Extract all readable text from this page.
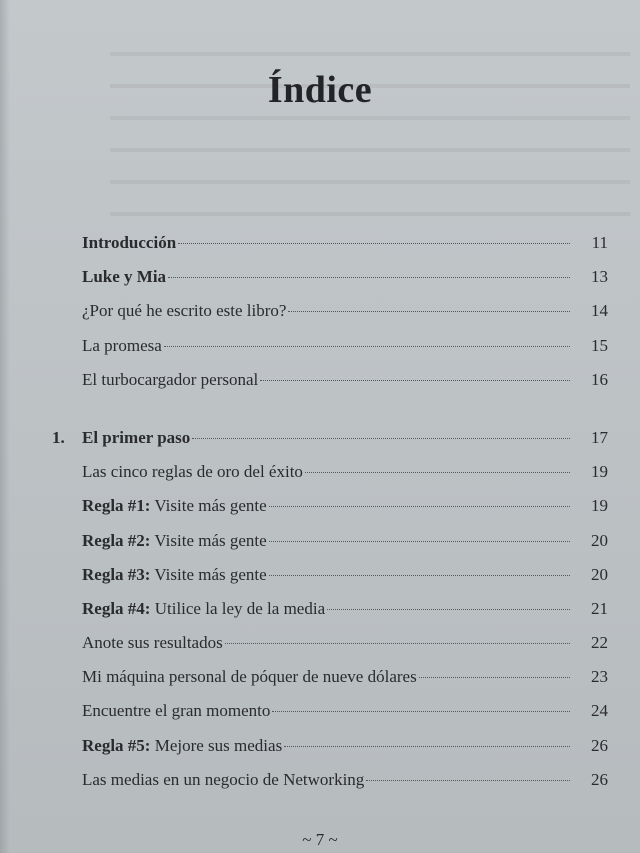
Índice
Introducción	11
Luke y Mia	13
¿Por qué he escrito este libro?	14
La promesa	15
El turbocargador personal	16
1.	El primer paso	17
Las cinco reglas de oro del éxito	19
Regla #1: Visite más gente	19
Regla #2: Visite más gente	20
Regla #3: Visite más gente	20
Regla #4: Utilice la ley de la media	21
Anote sus resultados	22
Mi máquina personal de póquer de nueve dólares	23
Encuentre el gran momento	24
Regla #5: Mejore sus medias	26
Las medias en un negocio de Networking	26
~ 7 ~
